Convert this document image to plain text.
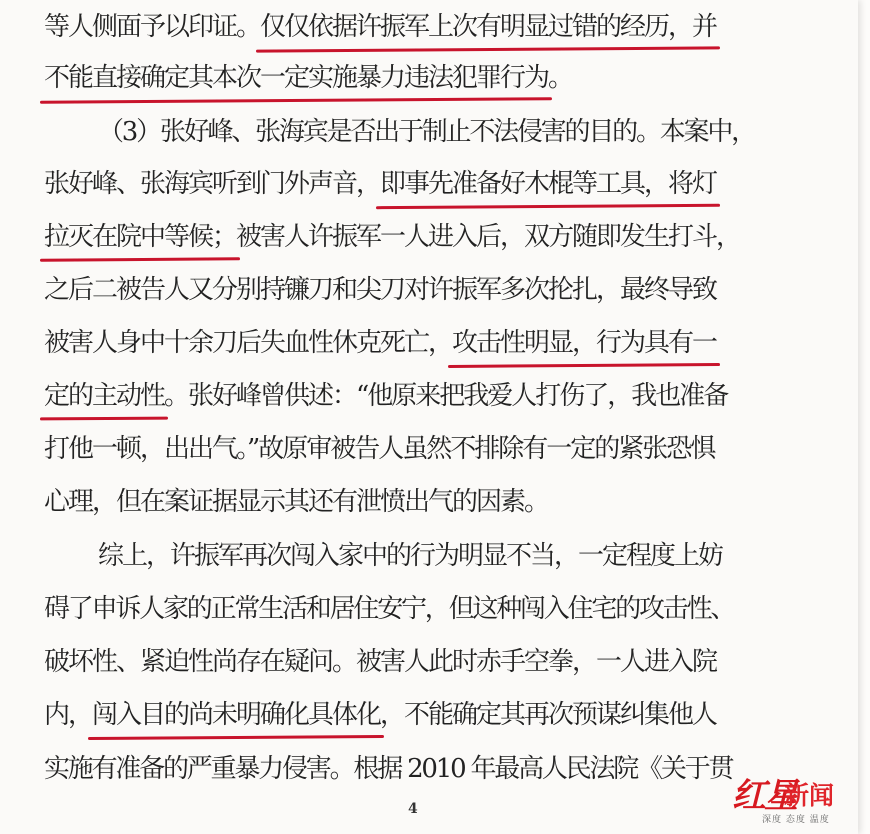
等人侧面予以印证。仅仅依据许振军上次有明显过错的经历，并
不能直接确定其本次一定实施暴力违法犯罪行为。
（3）张好峰、张海宾是否出于制止不法侵害的目的。本案中，
张好峰、张海宾听到门外声音，即事先准备好木棍等工具，将灯
拉灭在院中等候；被害人许振军一人进入后，双方随即发生打斗，
之后二被告人又分别持镰刀和尖刀对许振军多次抡扎，最终导致
被害人身中十余刀后失血性休克死亡，攻击性明显，行为具有一
定的主动性。张好峰曾供述：“他原来把我爱人打伤了，我也准备
打他一顿，出出气。”故原审被告人虽然不排除有一定的紧张恐惧
心理，但在案证据显示其还有泄愤出气的因素。
综上，许振军再次闯入家中的行为明显不当，一定程度上妨
碍了申诉人家的正常生活和居住安宁，但这种闯入住宅的攻击性、
破坏性、紧迫性尚存在疑问。被害人此时赤手空拳，一人进入院
内，闯入目的尚未明确化具体化，不能确定其再次预谋纠集他人
实施有准备的严重暴力侵害。根据 2010 年最高人民法院《关于贯
4	红星
新闻
深度 态度 温度
